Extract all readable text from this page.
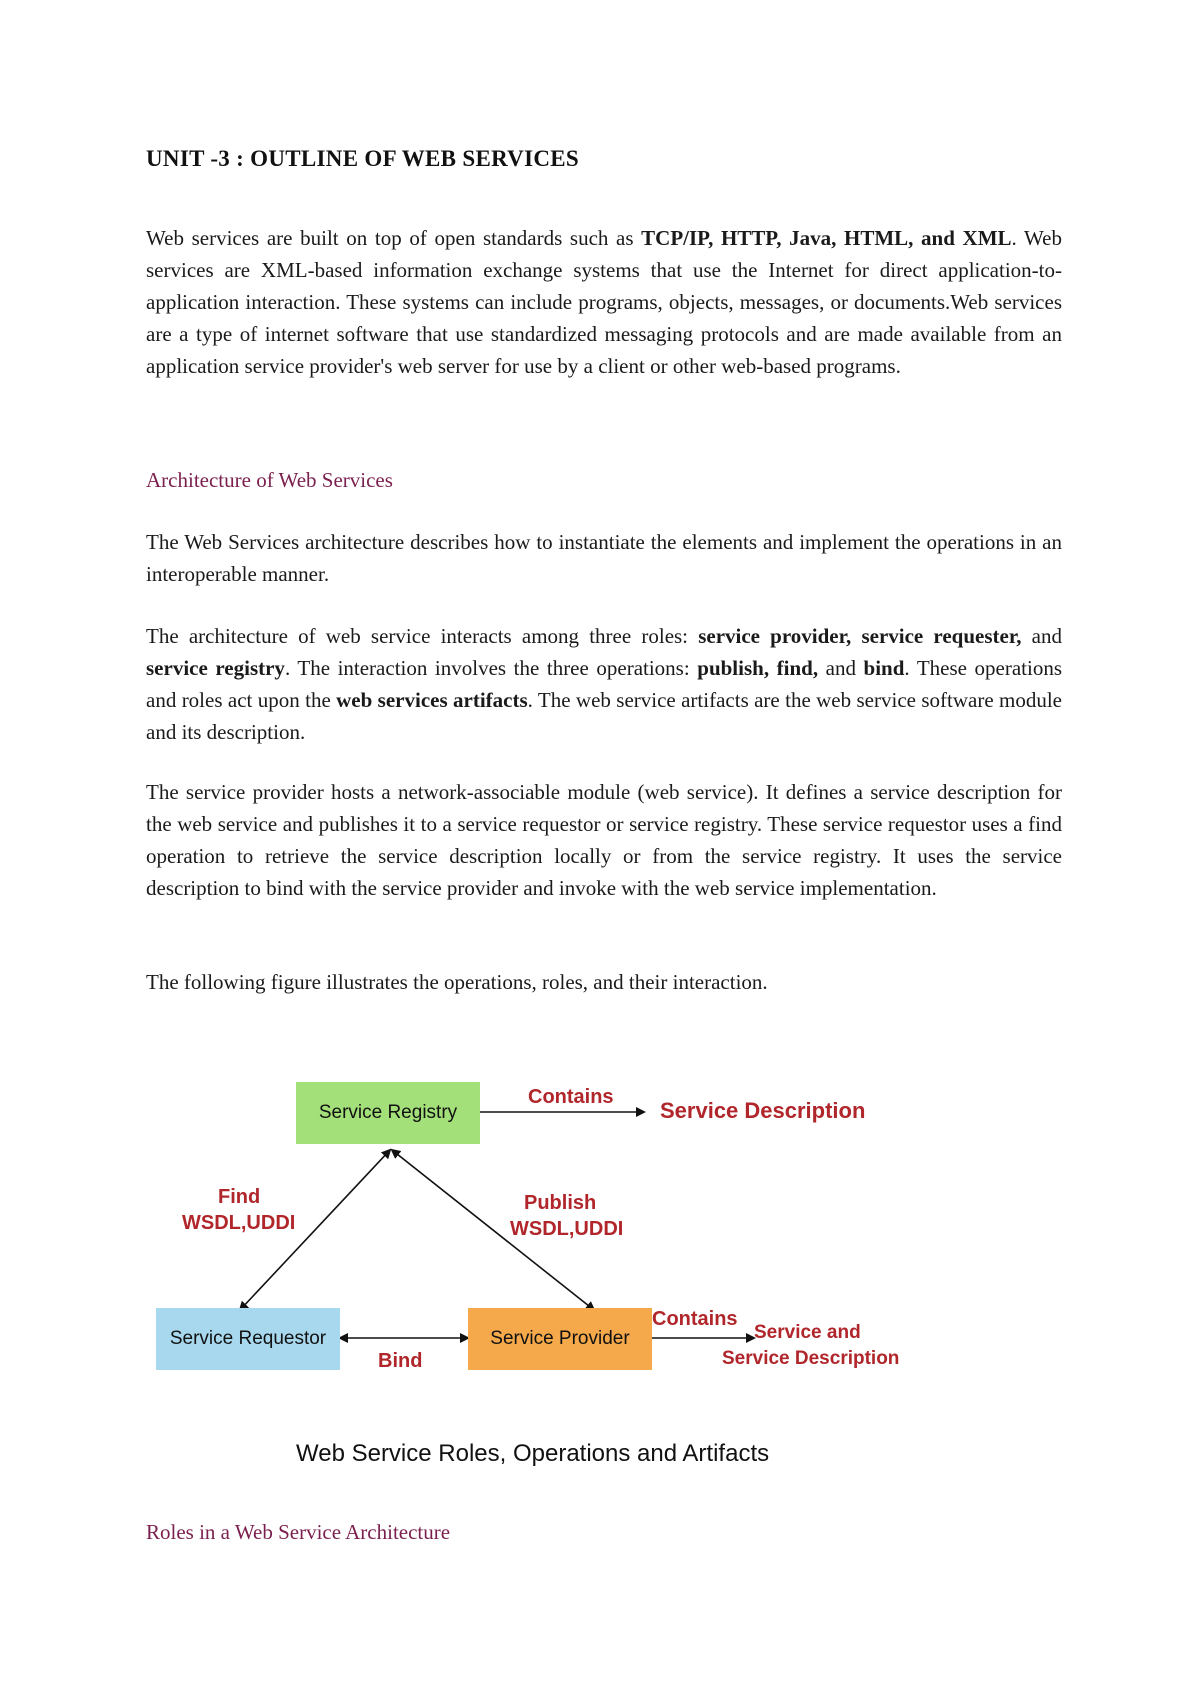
UNIT -3 : OUTLINE OF WEB SERVICES

Web services are built on top of open standards such as TCP/IP, HTTP, Java, HTML, and XML. Web services are XML-based information exchange systems that use the Internet for direct application-to-application interaction. These systems can include programs, objects, messages, or documents.Web services are a type of internet software that use standardized messaging protocols and are made available from an application service provider's web server for use by a client or other web-based programs.

Architecture of Web Services

The Web Services architecture describes how to instantiate the elements and implement the operations in an interoperable manner.

The architecture of web service interacts among three roles: service provider, service requester, and service registry. The interaction involves the three operations: publish, find, and bind. These operations and roles act upon the web services artifacts. The web service artifacts are the web service software module and its description.

The service provider hosts a network-associable module (web service). It defines a service description for the web service and publishes it to a service requestor or service registry. These service requestor uses a find operation to retrieve the service description locally or from the service registry. It uses the service description to bind with the service provider and invoke with the web service implementation.

The following figure illustrates the operations, roles, and their interaction.

Service Registry
Service Requestor	Service Provider
Contains
Service Description
Find
WSDL,UDDI
Publish
WSDL,UDDI
Bind
Contains
Service and
Service Description
Web Service Roles, Operations and Artifacts
Roles in a Web Service Architecture
